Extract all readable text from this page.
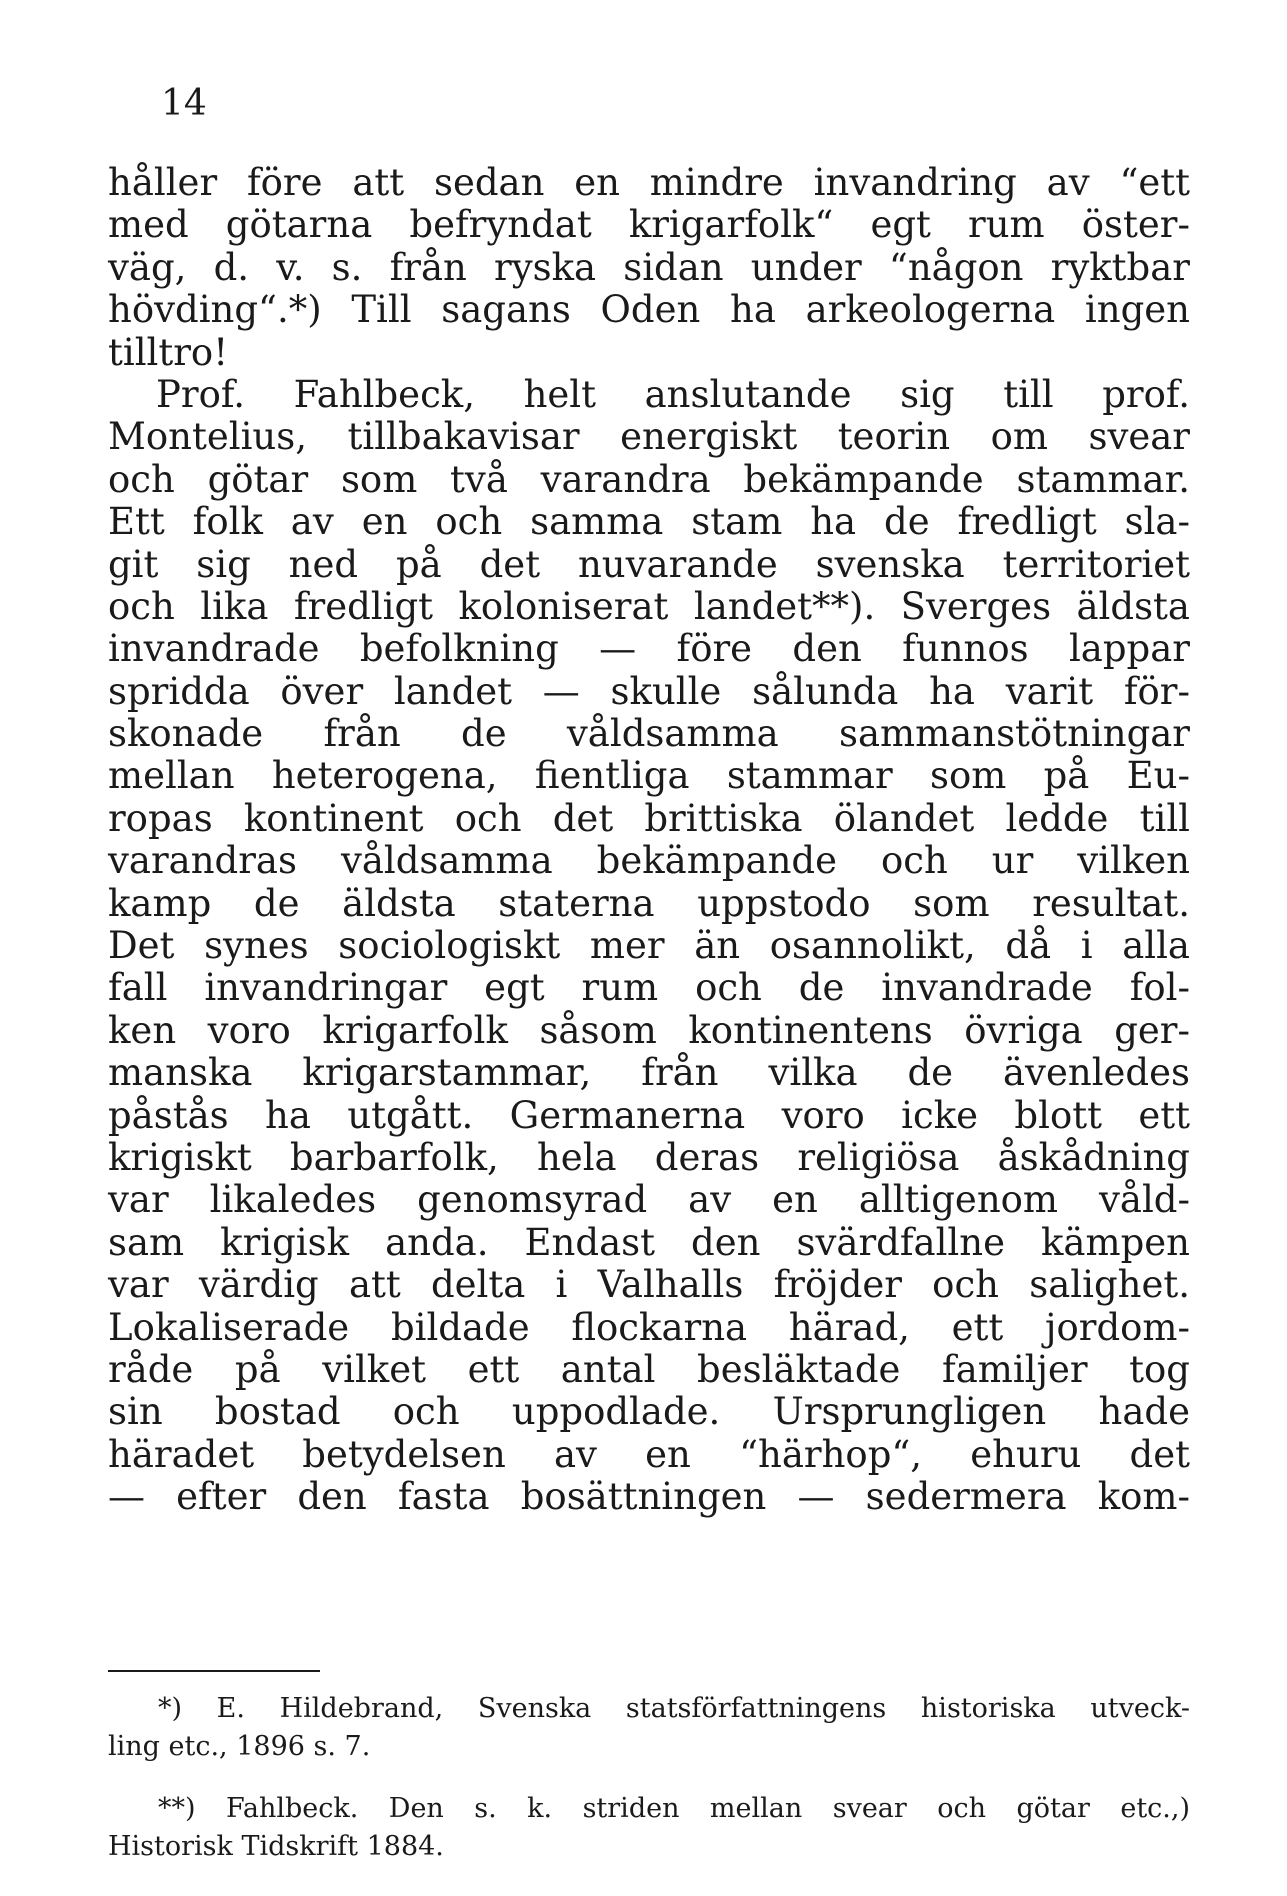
14
håller före att sedan en mindre invandring av “ett
med götarna befryndat krigarfolk“ egt rum öster-
väg, d. v. s. från ryska sidan under “någon ryktbar
hövding“.*) Till sagans Oden ha arkeologerna ingen
tilltro!
Prof. Fahlbeck, helt anslutande sig till prof.
Montelius, tillbakavisar energiskt teorin om svear
och götar som två varandra bekämpande stammar.
Ett folk av en och samma stam ha de fredligt sla-
git sig ned på det nuvarande svenska territoriet
och lika fredligt koloniserat landet**). Sverges äldsta
invandrade befolkning — före den funnos lappar
spridda över landet — skulle sålunda ha varit för-
skonade från de våldsamma sammanstötningar
mellan heterogena, fientliga stammar som på Eu-
ropas kontinent och det brittiska ölandet ledde till
varandras våldsamma bekämpande och ur vilken
kamp de äldsta staterna uppstodo som resultat.
Det synes sociologiskt mer än osannolikt, då i alla
fall invandringar egt rum och de invandrade fol-
ken voro krigarfolk såsom kontinentens övriga ger-
manska krigarstammar, från vilka de ävenledes
påstås ha utgått. Germanerna voro icke blott ett
krigiskt barbarfolk, hela deras religiösa åskådning
var likaledes genomsyrad av en alltigenom våld-
sam krigisk anda. Endast den svärdfallne kämpen
var värdig att delta i Valhalls fröjder och salighet.
Lokaliserade bildade flockarna härad, ett jordom-
råde på vilket ett antal besläktade familjer tog
sin bostad och uppodlade. Ursprungligen hade
häradet betydelsen av en “härhop“, ehuru det
— efter den fasta bosättningen — sedermera kom-
*) E. Hildebrand, Svenska statsförfattningens historiska utveck-
ling etc., 1896 s. 7.
**) Fahlbeck. Den s. k. striden mellan svear och götar etc.,)
Historisk Tidskrift 1884.
